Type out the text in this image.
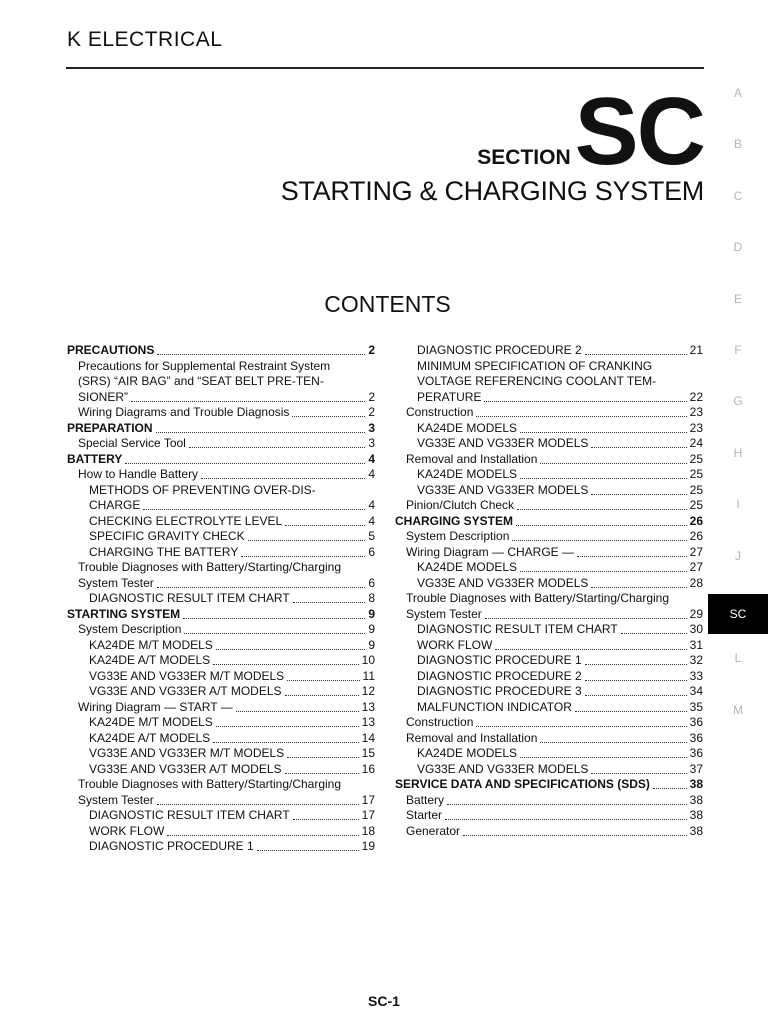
K ELECTRICAL
SECTIONSC
STARTING & CHARGING SYSTEM
CONTENTS
PRECAUTIONS	2
Precautions for Supplemental Restraint System
(SRS) “AIR BAG” and “SEAT BELT PRE-TEN-
SIONER”	2
Wiring Diagrams and Trouble Diagnosis	2
PREPARATION	3
Special Service Tool	3
BATTERY	4
How to Handle Battery	4
METHODS OF PREVENTING OVER-DIS-
CHARGE	4
CHECKING ELECTROLYTE LEVEL	4
SPECIFIC GRAVITY CHECK	5
CHARGING THE BATTERY	6
Trouble Diagnoses with Battery/Starting/Charging
System Tester	6
DIAGNOSTIC RESULT ITEM CHART	8
STARTING SYSTEM	9
System Description	9
KA24DE M/T MODELS	9
KA24DE A/T MODELS	10
VG33E AND VG33ER M/T MODELS	11
VG33E AND VG33ER A/T MODELS	12
Wiring Diagram — START —	13
KA24DE M/T MODELS	13
KA24DE A/T MODELS	14
VG33E AND VG33ER M/T MODELS	15
VG33E AND VG33ER A/T MODELS	16
Trouble Diagnoses with Battery/Starting/Charging
System Tester	17
DIAGNOSTIC RESULT ITEM CHART	17
WORK FLOW	18
DIAGNOSTIC PROCEDURE 1	19
DIAGNOSTIC PROCEDURE 2	21
MINIMUM SPECIFICATION OF CRANKING
VOLTAGE REFERENCING COOLANT TEM-
PERATURE	22
Construction	23
KA24DE MODELS	23
VG33E AND VG33ER MODELS	24
Removal and Installation	25
KA24DE MODELS	25
VG33E AND VG33ER MODELS	25
Pinion/Clutch Check	25
CHARGING SYSTEM	26
System Description	26
Wiring Diagram — CHARGE —	27
KA24DE MODELS	27
VG33E AND VG33ER MODELS	28
Trouble Diagnoses with Battery/Starting/Charging
System Tester	29
DIAGNOSTIC RESULT ITEM CHART	30
WORK FLOW	31
DIAGNOSTIC PROCEDURE 1	32
DIAGNOSTIC PROCEDURE 2	33
DIAGNOSTIC PROCEDURE 3	34
MALFUNCTION INDICATOR	35
Construction	36
Removal and Installation	36
KA24DE MODELS	36
VG33E AND VG33ER MODELS	37
SERVICE DATA AND SPECIFICATIONS (SDS)	38
Battery	38
Starter	38
Generator	38
A
B
C
D
E
F
G
H
I
J
SC
L
M
SC-1
